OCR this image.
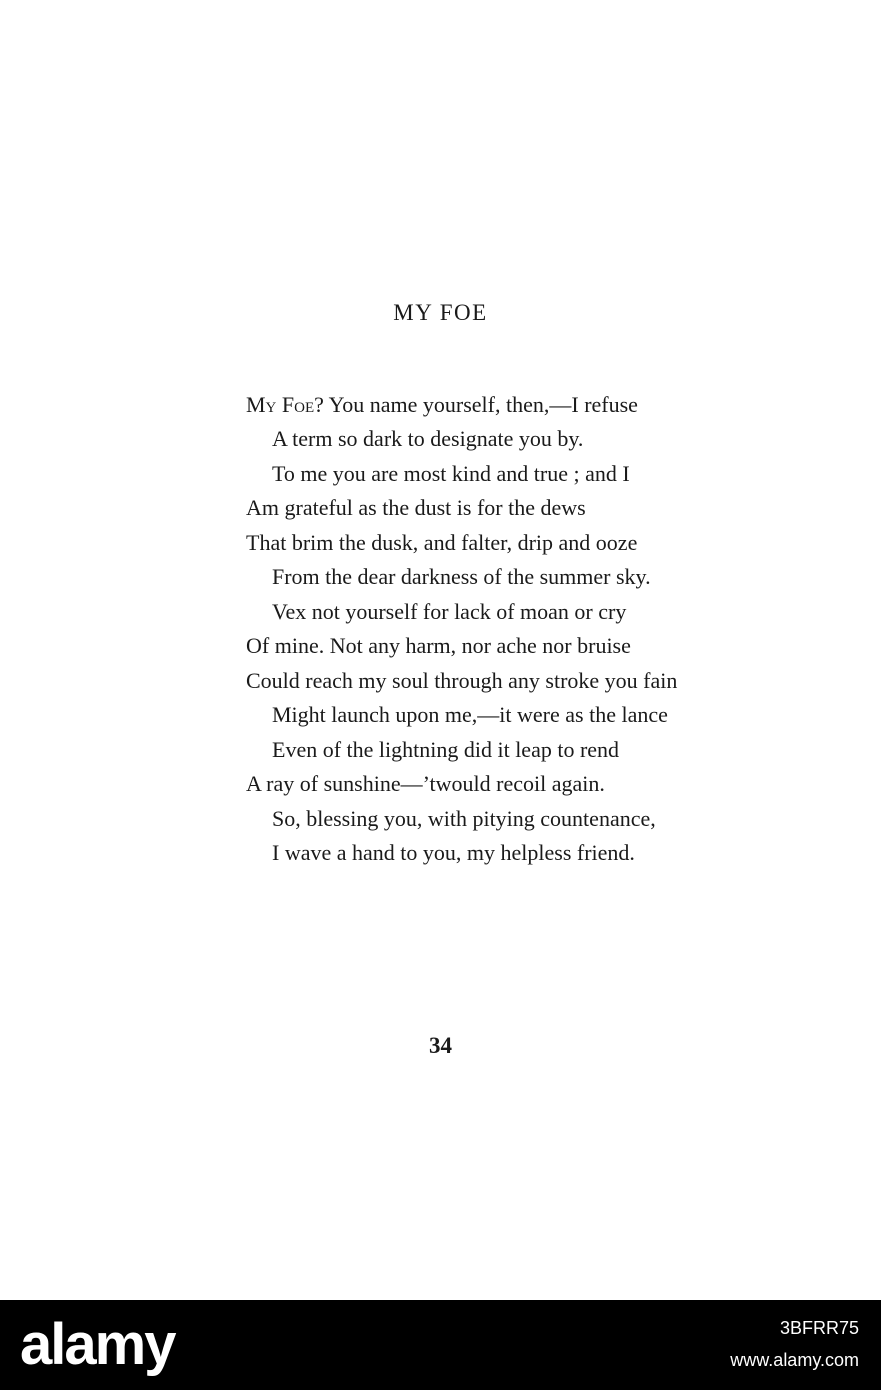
MY FOE
My Foe? You name yourself, then,—I refuse
A term so dark to designate you by.
To me you are most kind and true ; and I
Am grateful as the dust is for the dews
That brim the dusk, and falter, drip and ooze
From the dear darkness of the summer sky.
Vex not yourself for lack of moan or cry
Of mine. Not any harm, nor ache nor bruise
Could reach my soul through any stroke you fain
Might launch upon me,—it were as the lance
Even of the lightning did it leap to rend
A ray of sunshine—’twould recoil again.
So, blessing you, with pitying countenance,
I wave a hand to you, my helpless friend.
34
alamy	3BFRR75
www.alamy.com
